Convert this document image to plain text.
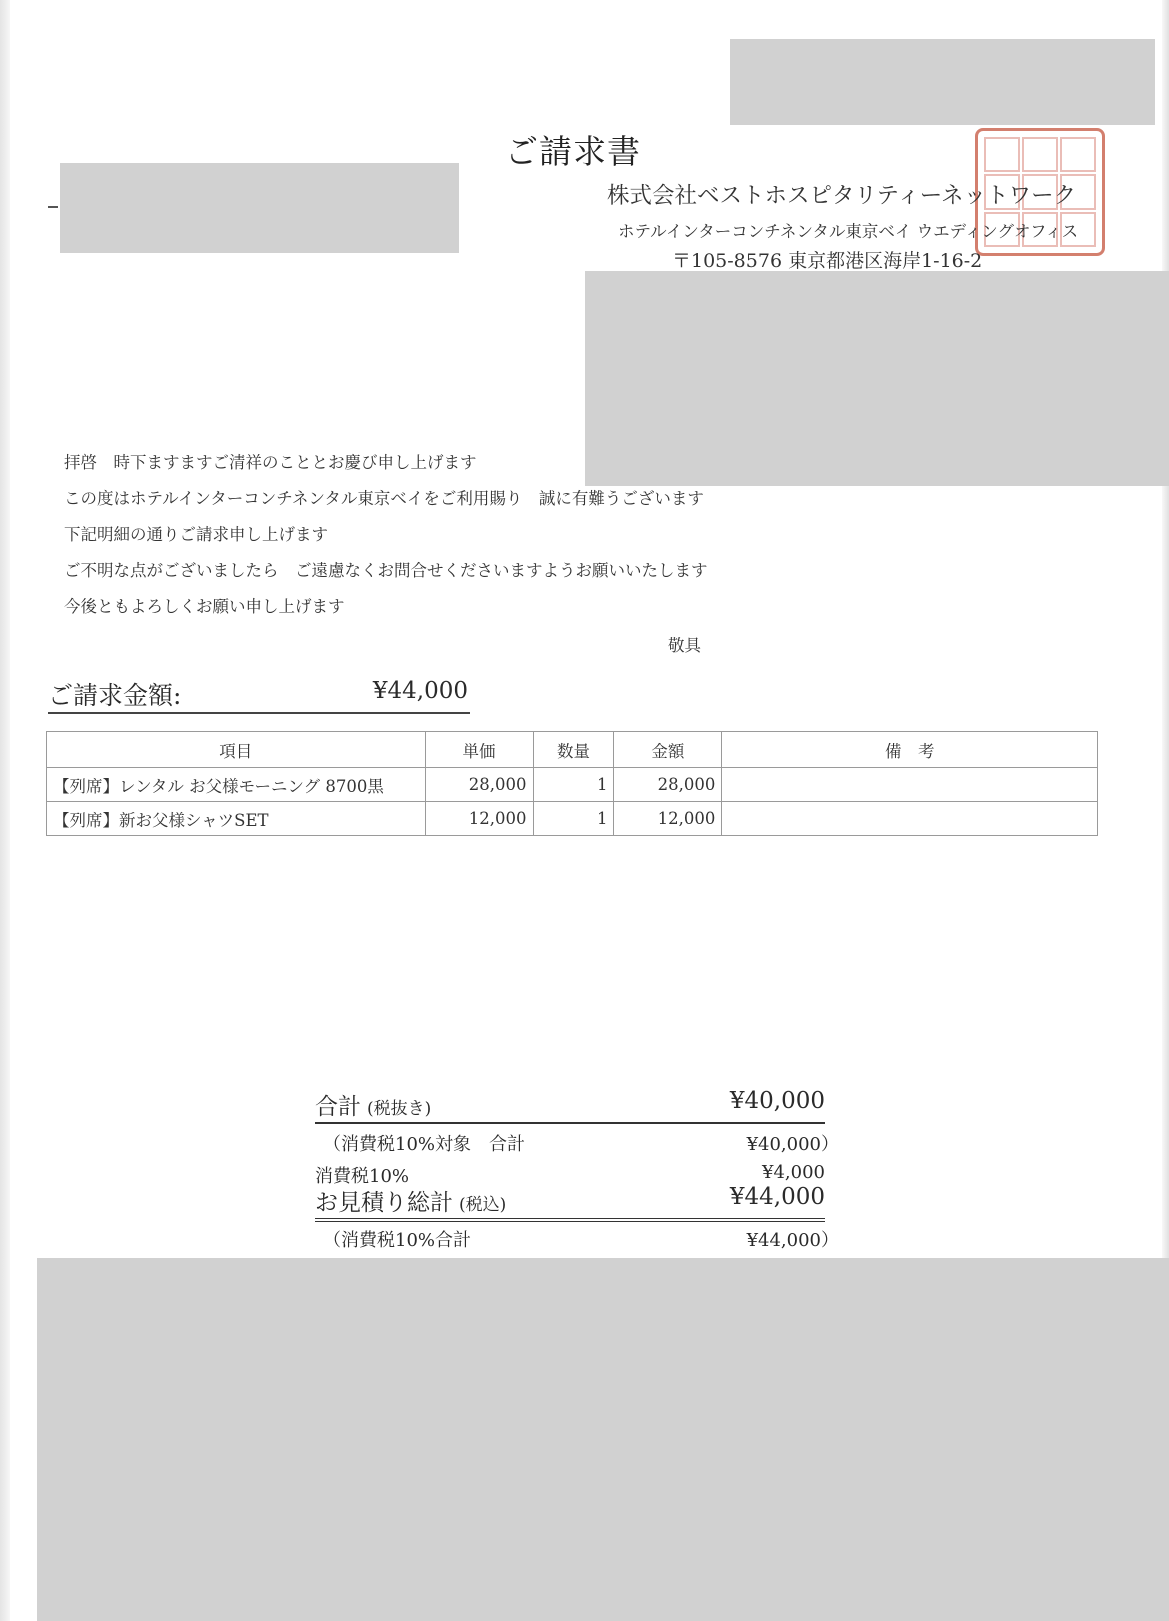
ご請求書
株式会社ベストホスピタリティーネットワーク
ホテルインターコンチネンタル東京ベイ ウエディングオフィス
〒105-8576 東京都港区海岸1-16-2
拝啓　時下ますますご清祥のこととお慶び申し上げます
この度はホテルインターコンチネンタル東京ベイをご利用賜り　誠に有難うございます
下記明細の通りご請求申し上げます
ご不明な点がございましたら　ご遠慮なくお問合せくださいますようお願いいたします
今後ともよろしくお願い申し上げます
敬具
ご請求金額:	¥44,000
項目	単価	数量	金額	備　考
【列席】レンタル お父様モーニング 8700黒	28,000	1	28,000	
【列席】新お父様シャツSET	12,000	1	12,000	
合計 (税抜き)	¥40,000
（消費税10%対象　合計	¥40,000）
消費税10%	¥4,000
お見積り総計 (税込)	¥44,000
（消費税10%合計	¥44,000）
